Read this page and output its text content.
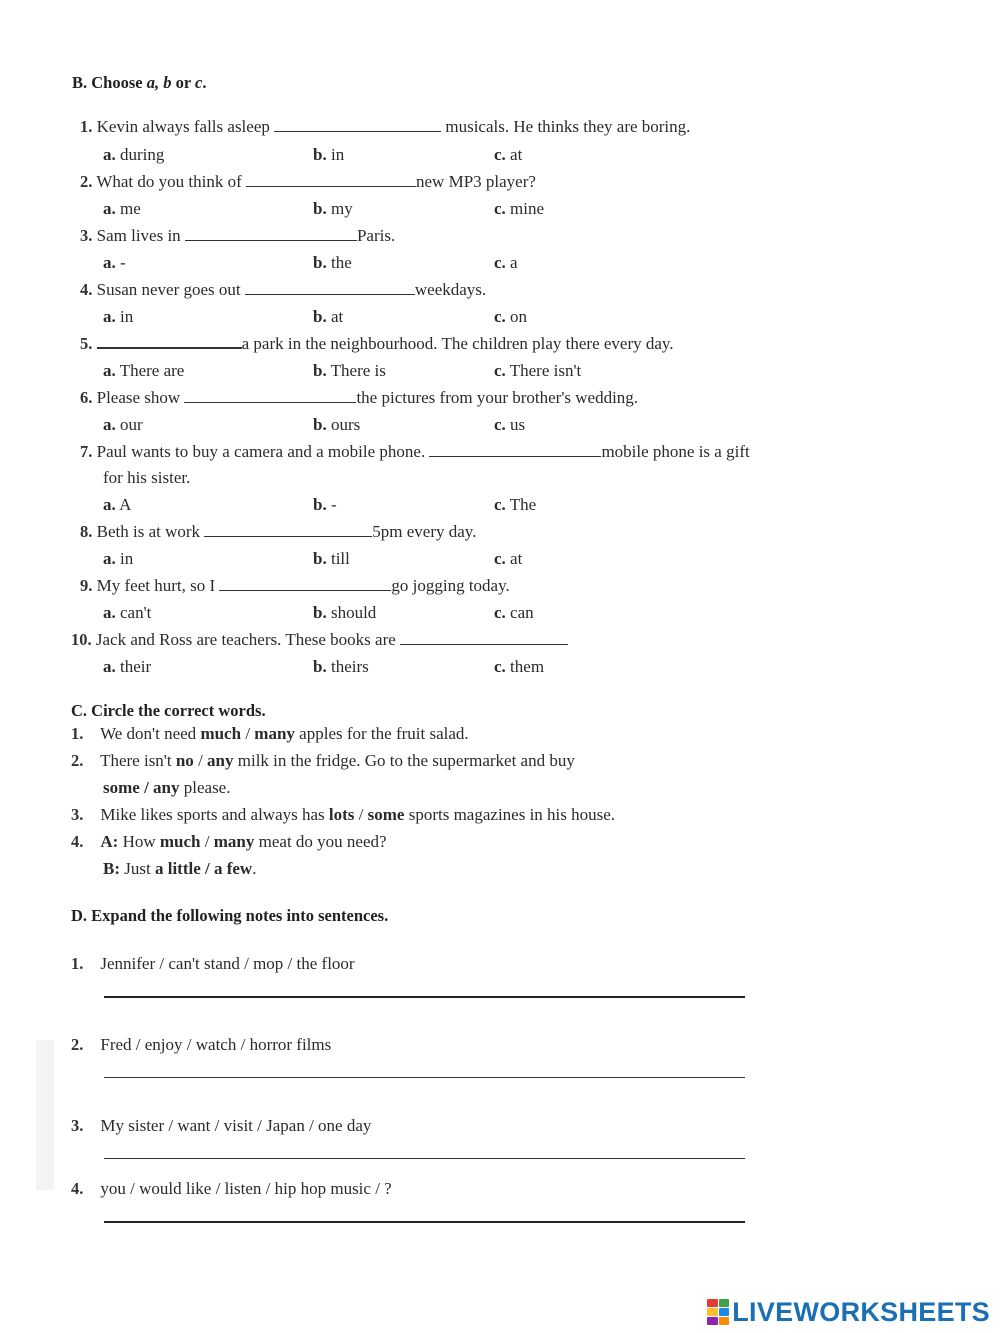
B. Choose a, b or c.
1. Kevin always falls asleep	musicals. He thinks they are boring.
a. during	b. in	c. at
2. What do you think of	new MP3 player?
a. me	b. my	c. mine
3. Sam lives in	Paris.
a. -	b. the	c. a
4. Susan never goes out	weekdays.
a. in	b. at	c. on
5.	a park in the neighbourhood. The children play there every day.
a. There are	b. There is	c. There isn't
6. Please show	the pictures from your brother's wedding.
a. our	b. ours	c. us
7. Paul wants to buy a camera and a mobile phone.	mobile phone is a gift
for his sister.
a. A	b. -	c. The
8. Beth is at work	5pm every day.
a. in	b. till	c. at
9. My feet hurt, so I	go jogging today.
a. can't	b. should	c. can
10. Jack and Ross are teachers. These books are
a. their	b. theirs	c. them
C. Circle the correct words.
1. We don't need much / many apples for the fruit salad.
2. There isn't no / any milk in the fridge. Go to the supermarket and buy
some / any please.
3. Mike likes sports and always has lots / some sports magazines in his house.
4. A: How much / many meat do you need?
B: Just a little / a few.
D. Expand the following notes into sentences.
1. Jennifer / can't stand / mop / the floor
2. Fred / enjoy / watch / horror films
3. My sister / want / visit / Japan / one day
4. you / would like / listen / hip hop music / ?
LIVEWORKSHEETS
